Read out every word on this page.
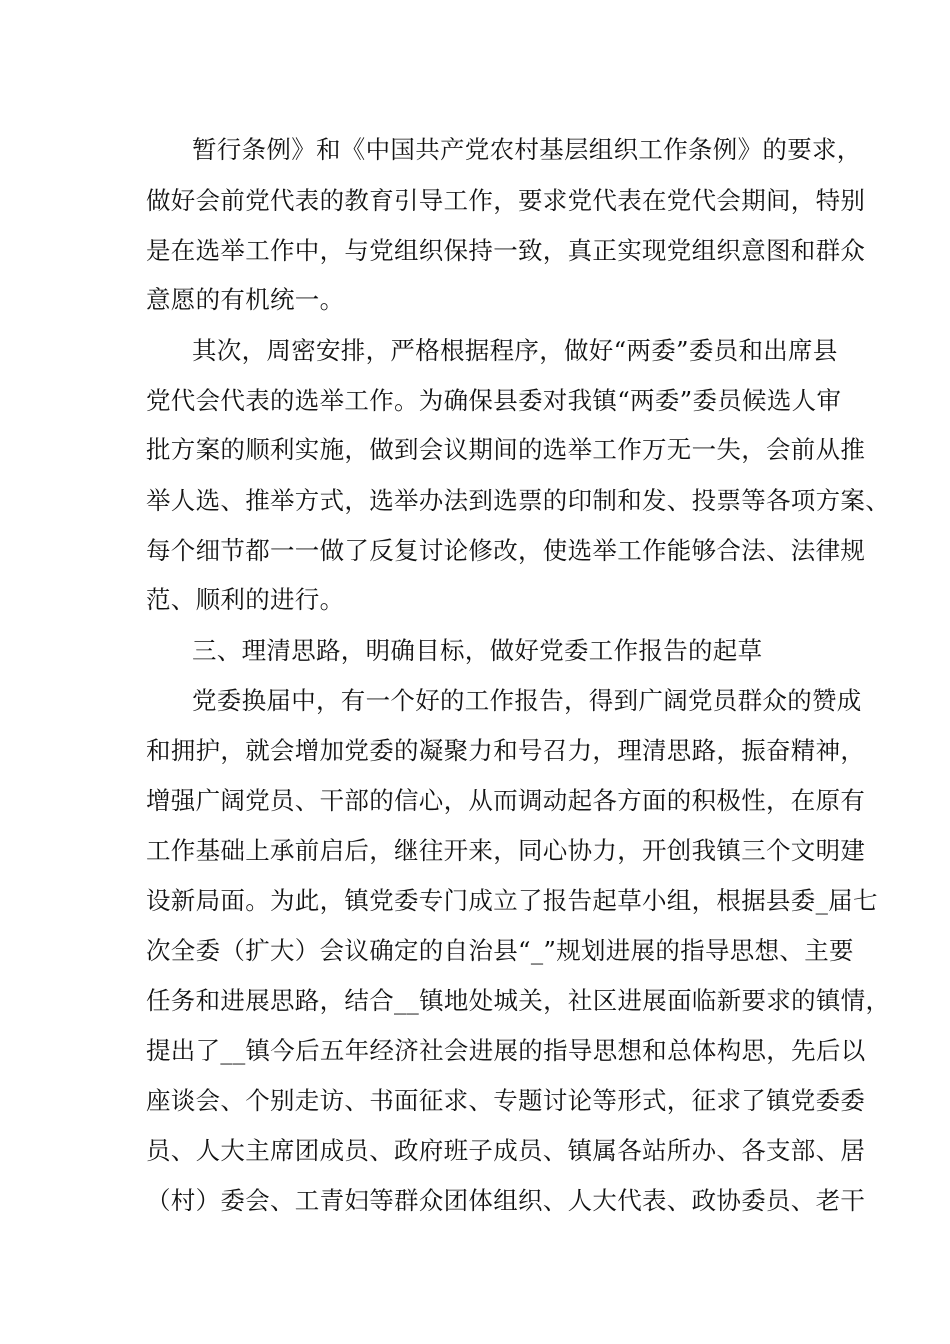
暂行条例》和《中国共产党农村基层组织工作条例》的要求，
做好会前党代表的教育引导工作，要求党代表在党代会期间，特别
是在选举工作中，与党组织保持一致，真正实现党组织意图和群众
意愿的有机统一。
其次，周密安排，严格根据程序，做好“两委”委员和出席县
党代会代表的选举工作。为确保县委对我镇“两委”委员候选人审
批方案的顺利实施，做到会议期间的选举工作万无一失，会前从推
举人选、推举方式，选举办法到选票的印制和发、投票等各项方案、
每个细节都一一做了反复讨论修改，使选举工作能够合法、法律规
范、顺利的进行。
三、理清思路，明确目标，做好党委工作报告的起草
党委换届中，有一个好的工作报告，得到广阔党员群众的赞成
和拥护，就会增加党委的凝聚力和号召力，理清思路，振奋精神，
增强广阔党员、干部的信心，从而调动起各方面的积极性，在原有
工作基础上承前启后，继往开来，同心协力，开创我镇三个文明建
设新局面。为此，镇党委专门成立了报告起草小组，根据县委_届七
次全委（扩大）会议确定的自治县“_”规划进展的指导思想、主要
任务和进展思路，结合__镇地处城关，社区进展面临新要求的镇情，
提出了__镇今后五年经济社会进展的指导思想和总体构思，先后以
座谈会、个别走访、书面征求、专题讨论等形式，征求了镇党委委
员、人大主席团成员、政府班子成员、镇属各站所办、各支部、居
（村）委会、工青妇等群众团体组织、人大代表、政协委员、老干
